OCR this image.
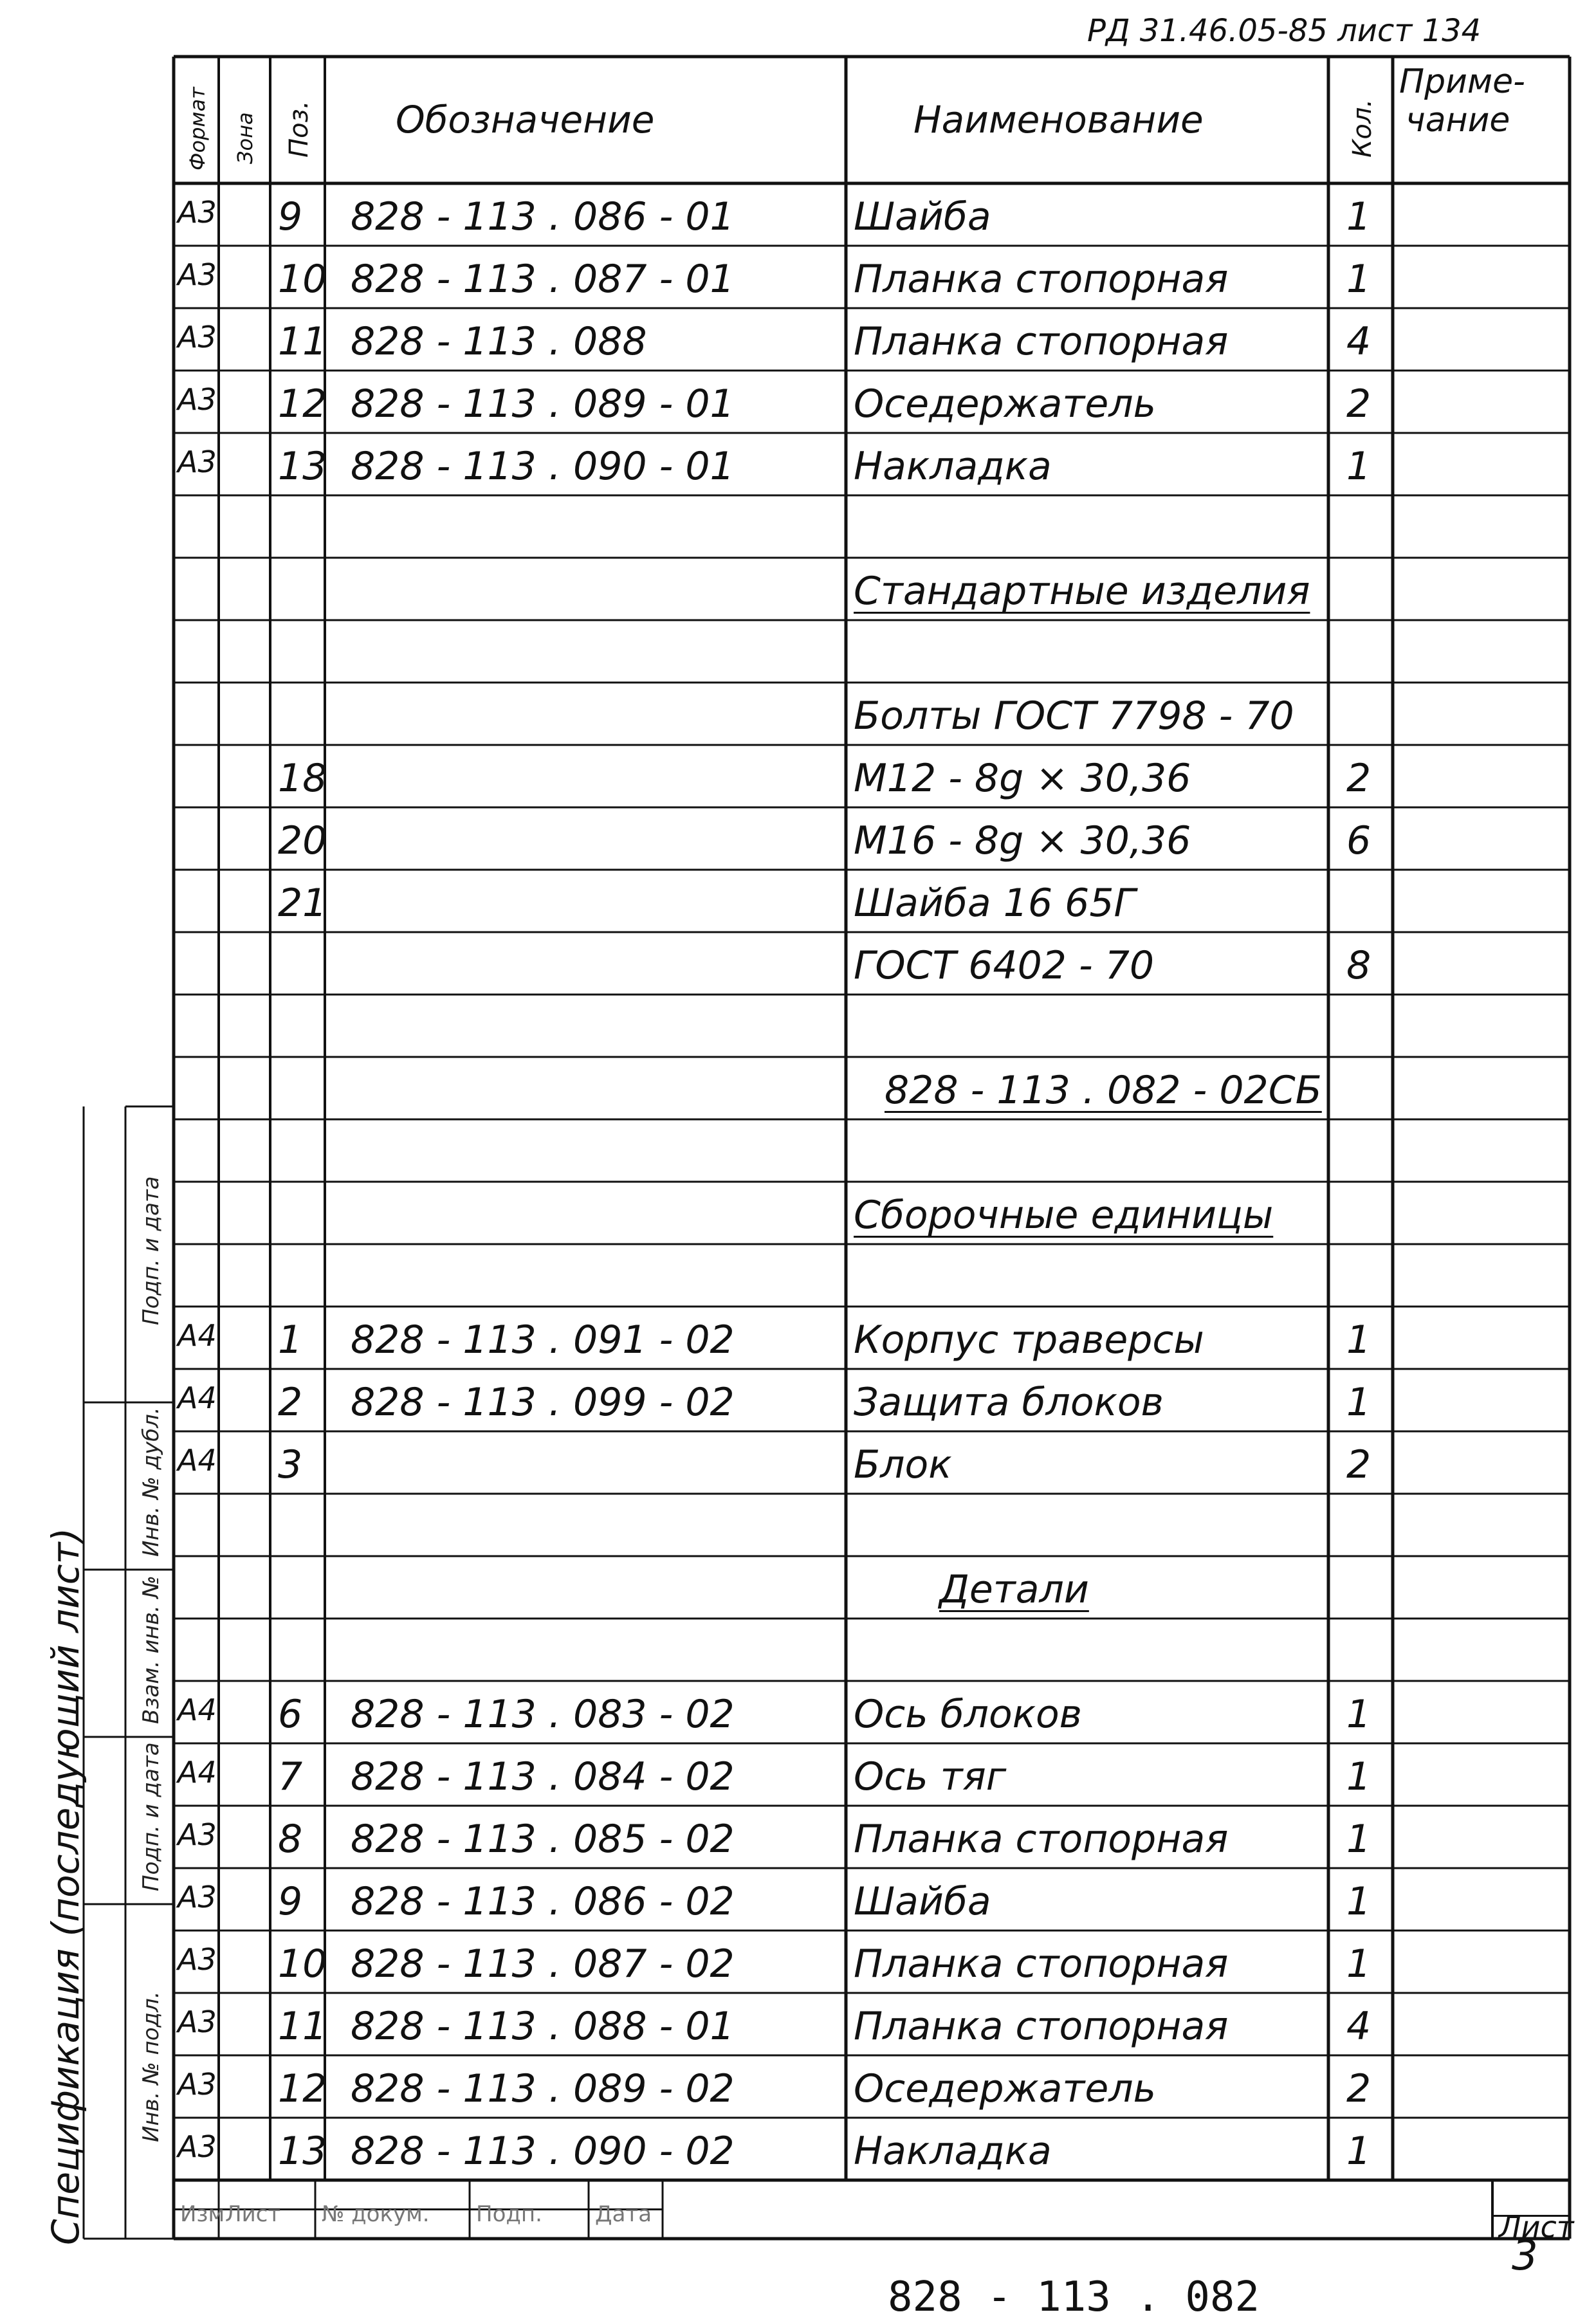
РД 31.46.05-85 лист 134
Формат Зона Поз. Обозначение	Наименование	Кол.
Приме-
чание
А3 9 828 - 113 . 086 - 01	Шайба	1
А3 10 828 - 113 . 087 - 01	Планка стопорная	1
А3 11 828 - 113 . 088	Планка стопорная	4
А3 12 828 - 113 . 089 - 01	Оседержатель	2
А3 13 828 - 113 . 090 - 01	Накладка	1
Стандартные изделия
Болты ГОСТ 7798 - 70
18	М12 - 8g × 30,36	2
20	М16 - 8g × 30,36	6
21	Шайба 16 65Г
ГОСТ 6402 - 70	8
828 - 113 . 082 - 02СБ
Сборочные единицы
А4 1 828 - 113 . 091 - 02	Корпус траверсы	1
А4 2 828 - 113 . 099 - 02	Защита блоков	1
А4 3	Блок	2
Детали
А4 6 828 - 113 . 083 - 02	Ось блоков	1
А4 7 828 - 113 . 084 - 02	Ось тяг	1
А3 8 828 - 113 . 085 - 02	Планка стопорная	1
А3 9 828 - 113 . 086 - 02	Шайба	1
А3 10 828 - 113 . 087 - 02	Планка стопорная	1
А3 11 828 - 113 . 088 - 01	Планка стопорная	4
А3 12 828 - 113 . 089 - 02	Оседержатель	2
А3 13 828 - 113 . 090 - 02	Накладка	1
828 - 113 . 082
Лист
3
Изм Лист № докум. Подп. Дата
Инв. № подл.
Подп. и дата
Взам. инв. №
Инв. № дубл.
Подп. и дата
Спецификация (последующий лист)
